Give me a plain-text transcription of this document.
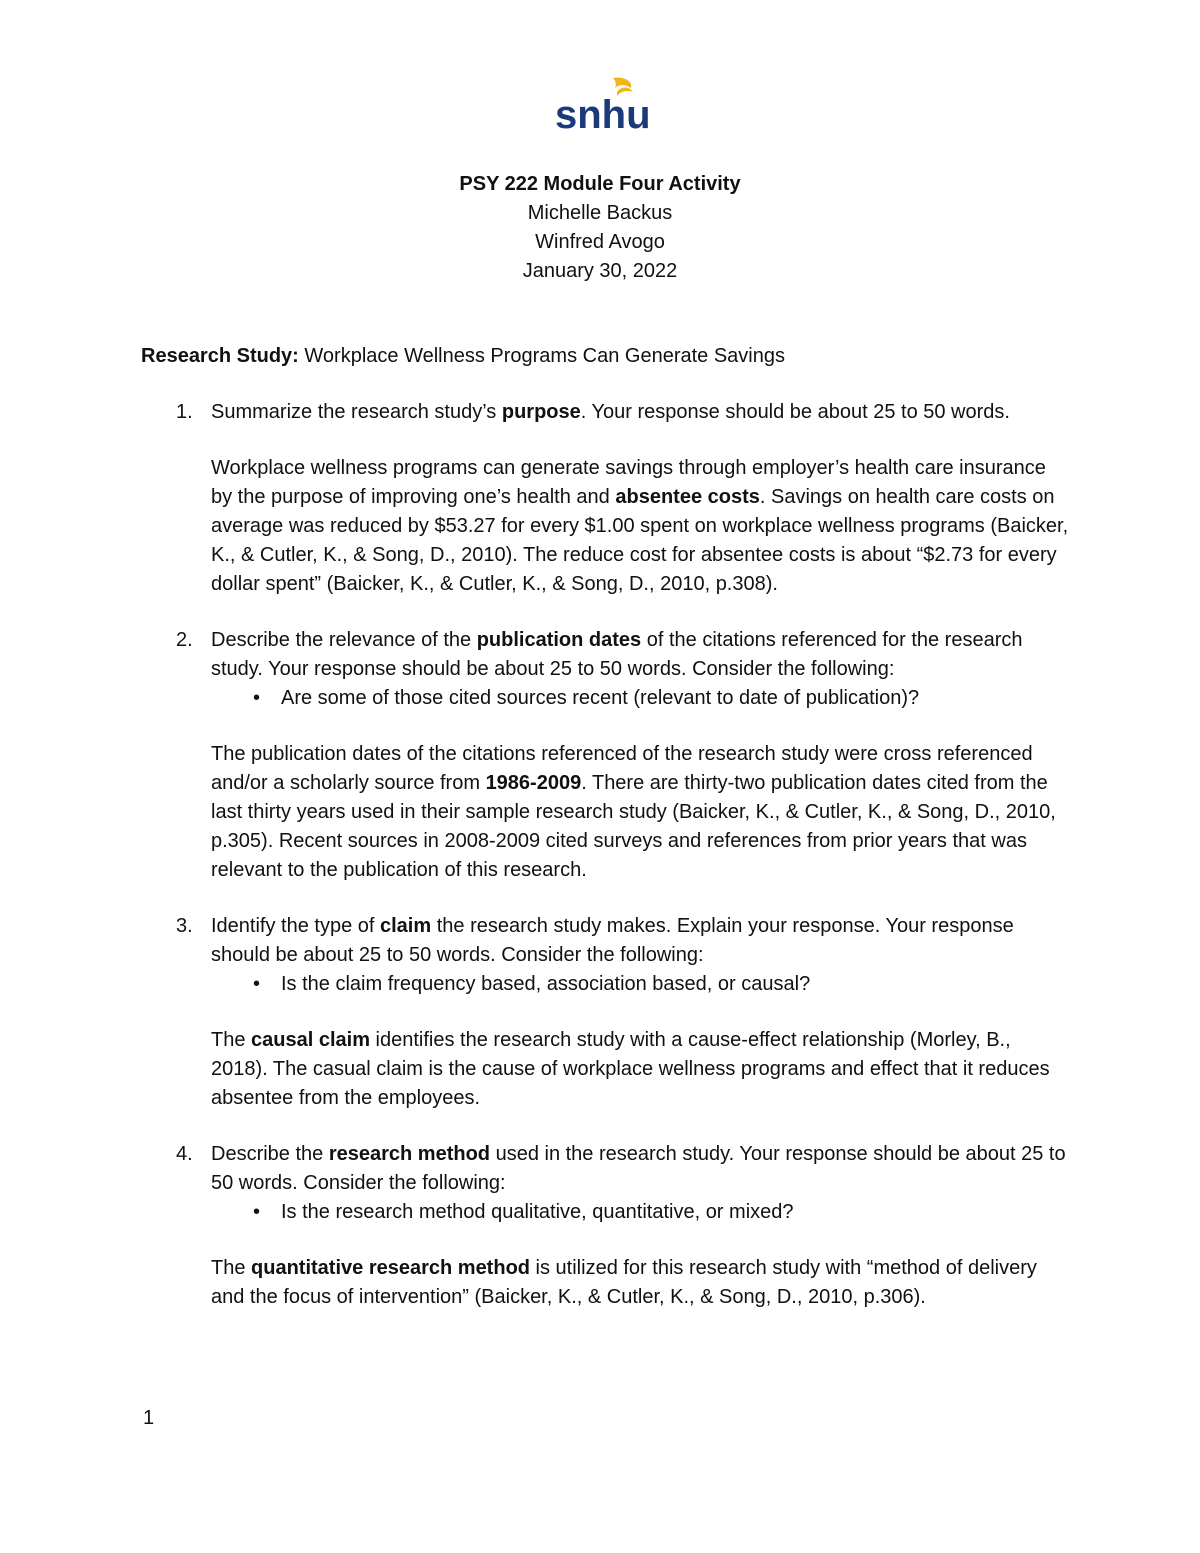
snhu
PSY 222 Module Four Activity
Michelle Backus
Winfred Avogo
January 30, 2022
Research Study: Workplace Wellness Programs Can Generate Savings
1. Summarize the research study’s purpose. Your response should be about 25 to 50 words.

Workplace wellness programs can generate savings through employer’s health care insurance by the purpose of improving one’s health and absentee costs. Savings on health care costs on average was reduced by $53.27 for every $1.00 spent on workplace wellness programs (Baicker, K., & Cutler, K., & Song, D., 2010). The reduce cost for absentee costs is about “$2.73 for every dollar spent” (Baicker, K., & Cutler, K., & Song, D., 2010, p.308).

2. Describe the relevance of the publication dates of the citations referenced for the research study. Your response should be about 25 to 50 words. Consider the following:

• Are some of those cited sources recent (relevant to date of publication)?

The publication dates of the citations referenced of the research study were cross referenced and/or a scholarly source from 1986-2009. There are thirty-two publication dates cited from the last thirty years used in their sample research study (Baicker, K., & Cutler, K., & Song, D., 2010, p.305). Recent sources in 2008-2009 cited surveys and references from prior years that was relevant to the publication of this research.

3. Identify the type of claim the research study makes. Explain your response. Your response should be about 25 to 50 words. Consider the following:

• Is the claim frequency based, association based, or causal?

The causal claim identifies the research study with a cause-effect relationship (Morley, B., 2018). The casual claim is the cause of workplace wellness programs and effect that it reduces absentee from the employees.

4. Describe the research method used in the research study. Your response should be about 25 to 50 words. Consider the following:

• Is the research method qualitative, quantitative, or mixed?

The quantitative research method is utilized for this research study with “method of delivery and the focus of intervention” (Baicker, K., & Cutler, K., & Song, D., 2010, p.306).

1
